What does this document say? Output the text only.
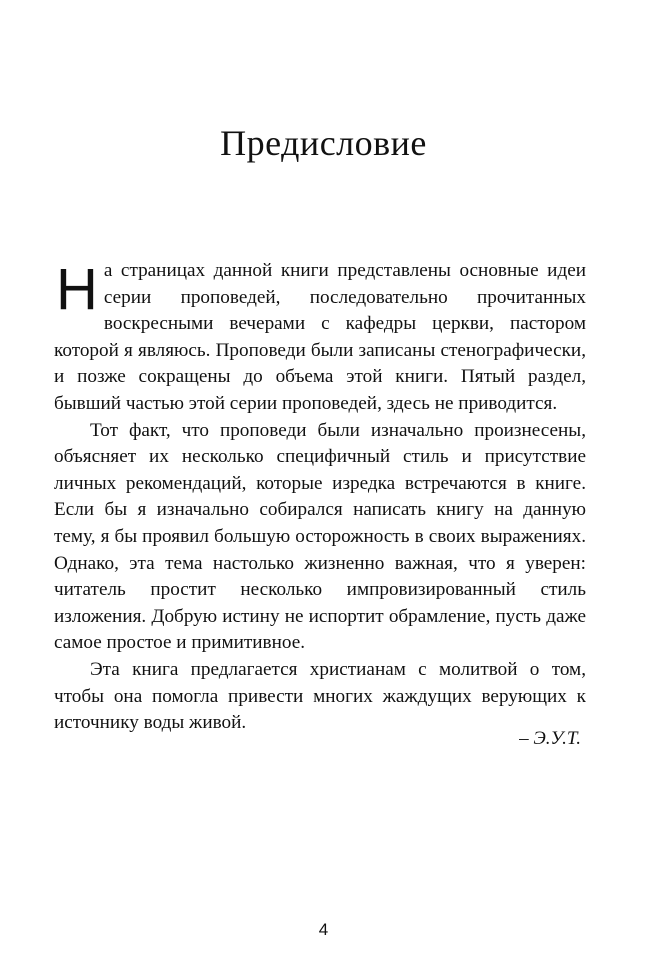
Предисловие

На страницах данной книги представлены основные идеи серии проповедей, последовательно прочитанных воскресными вечерами с кафедры церкви, пастором которой я являюсь. Проповеди были записаны стенографически, и позже сокращены до объема этой книги. Пятый раздел, бывший частью этой серии проповедей, здесь не приводится.

Тот факт, что проповеди были изначально произнесены, объясняет их несколько специфичный стиль и присутствие личных рекомендаций, которые изредка встречаются в книге. Если бы я изначально собирался написать книгу на данную тему, я бы проявил большую осторожность в своих выражениях. Однако, эта тема настолько жизненно важная, что я уверен: читатель простит несколько импровизированный стиль изложения. Добрую истину не испортит обрамление, пусть даже самое простое и примитивное.

Эта книга предлагается христианам с молитвой о том, чтобы она помогла привести многих жаждущих верующих к источнику воды живой.

– Э.У.Т.

4
